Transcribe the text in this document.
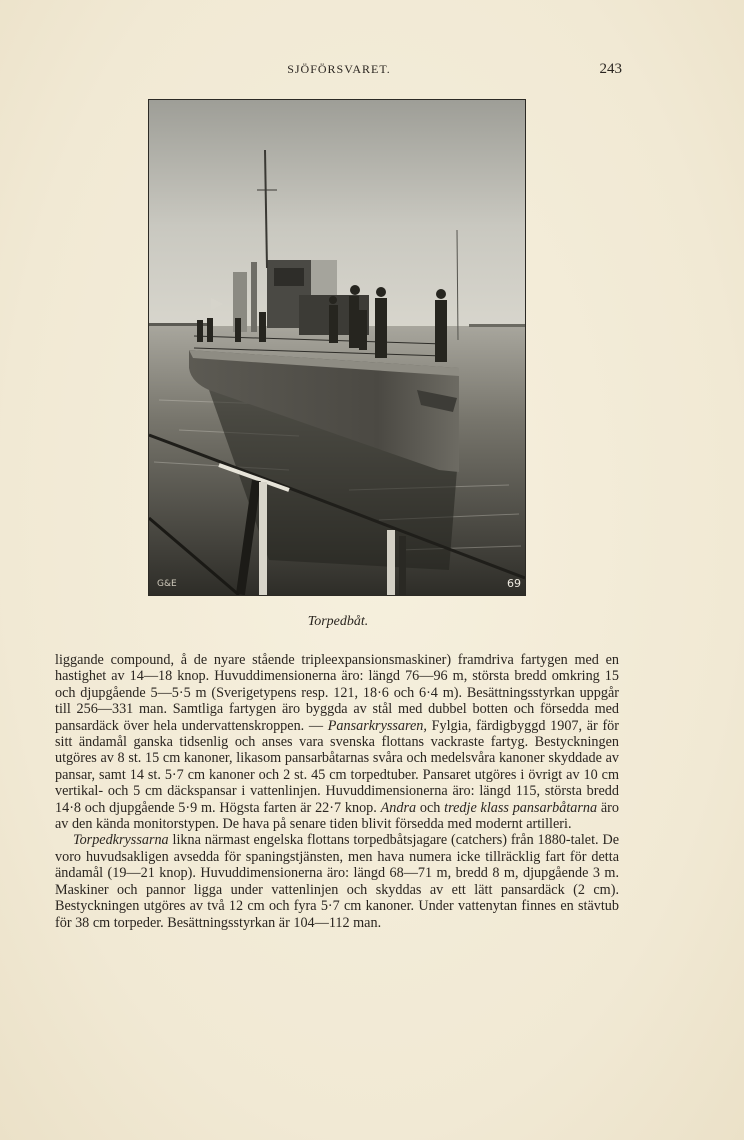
SJÖFÖRSVARET.	243
G&E	69
Torpedbåt.

liggande compound, å de nyare stående tripleexpansionsmaskiner) framdriva fartygen med en hastighet av 14—18 knop. Huvuddimensionerna äro: längd 76—96 m, största bredd omkring 15 och djupgående 5—5·5 m (Sverigetypens resp. 121, 18·6 och 6·4 m). Besättningsstyrkan uppgår till 256—331 man. Samtliga fartygen äro byggda av stål med dubbel botten och försedda med pansardäck över hela undervattenskroppen. — Pansarkryssaren, Fylgia, färdigbyggd 1907, är för sitt ändamål ganska tidsenlig och anses vara svenska flottans vackraste fartyg. Bestyckningen utgöres av 8 st. 15 cm kanoner, likasom pansarbåtarnas svåra och medelsvåra kanoner skyddade av pansar, samt 14 st. 5·7 cm kanoner och 2 st. 45 cm torpedtuber. Pansaret utgöres i övrigt av 10 cm vertikal- och 5 cm däckspansar i vattenlinjen. Huvuddimensionerna äro: längd 115, största bredd 14·8 och djupgående 5·9 m. Högsta farten är 22·7 knop. Andra och tredje klass pansarbåtarna äro av den kända monitorstypen. De hava på senare tiden blivit försedda med modernt artilleri.

Torpedkryssarna likna närmast engelska flottans torpedbåtsjagare (catchers) från 1880-talet. De voro huvudsakligen avsedda för spaningstjänsten, men hava numera icke tillräcklig fart för detta ändamål (19—21 knop). Huvuddimensionerna äro: längd 68—71 m, bredd 8 m, djupgående 3 m. Maskiner och pannor ligga under vattenlinjen och skyddas av ett lätt pansardäck (2 cm). Bestyckningen utgöres av två 12 cm och fyra 5·7 cm kanoner. Under vattenytan finnes en stävtub för 38 cm torpeder. Besättningsstyrkan är 104—112 man.
